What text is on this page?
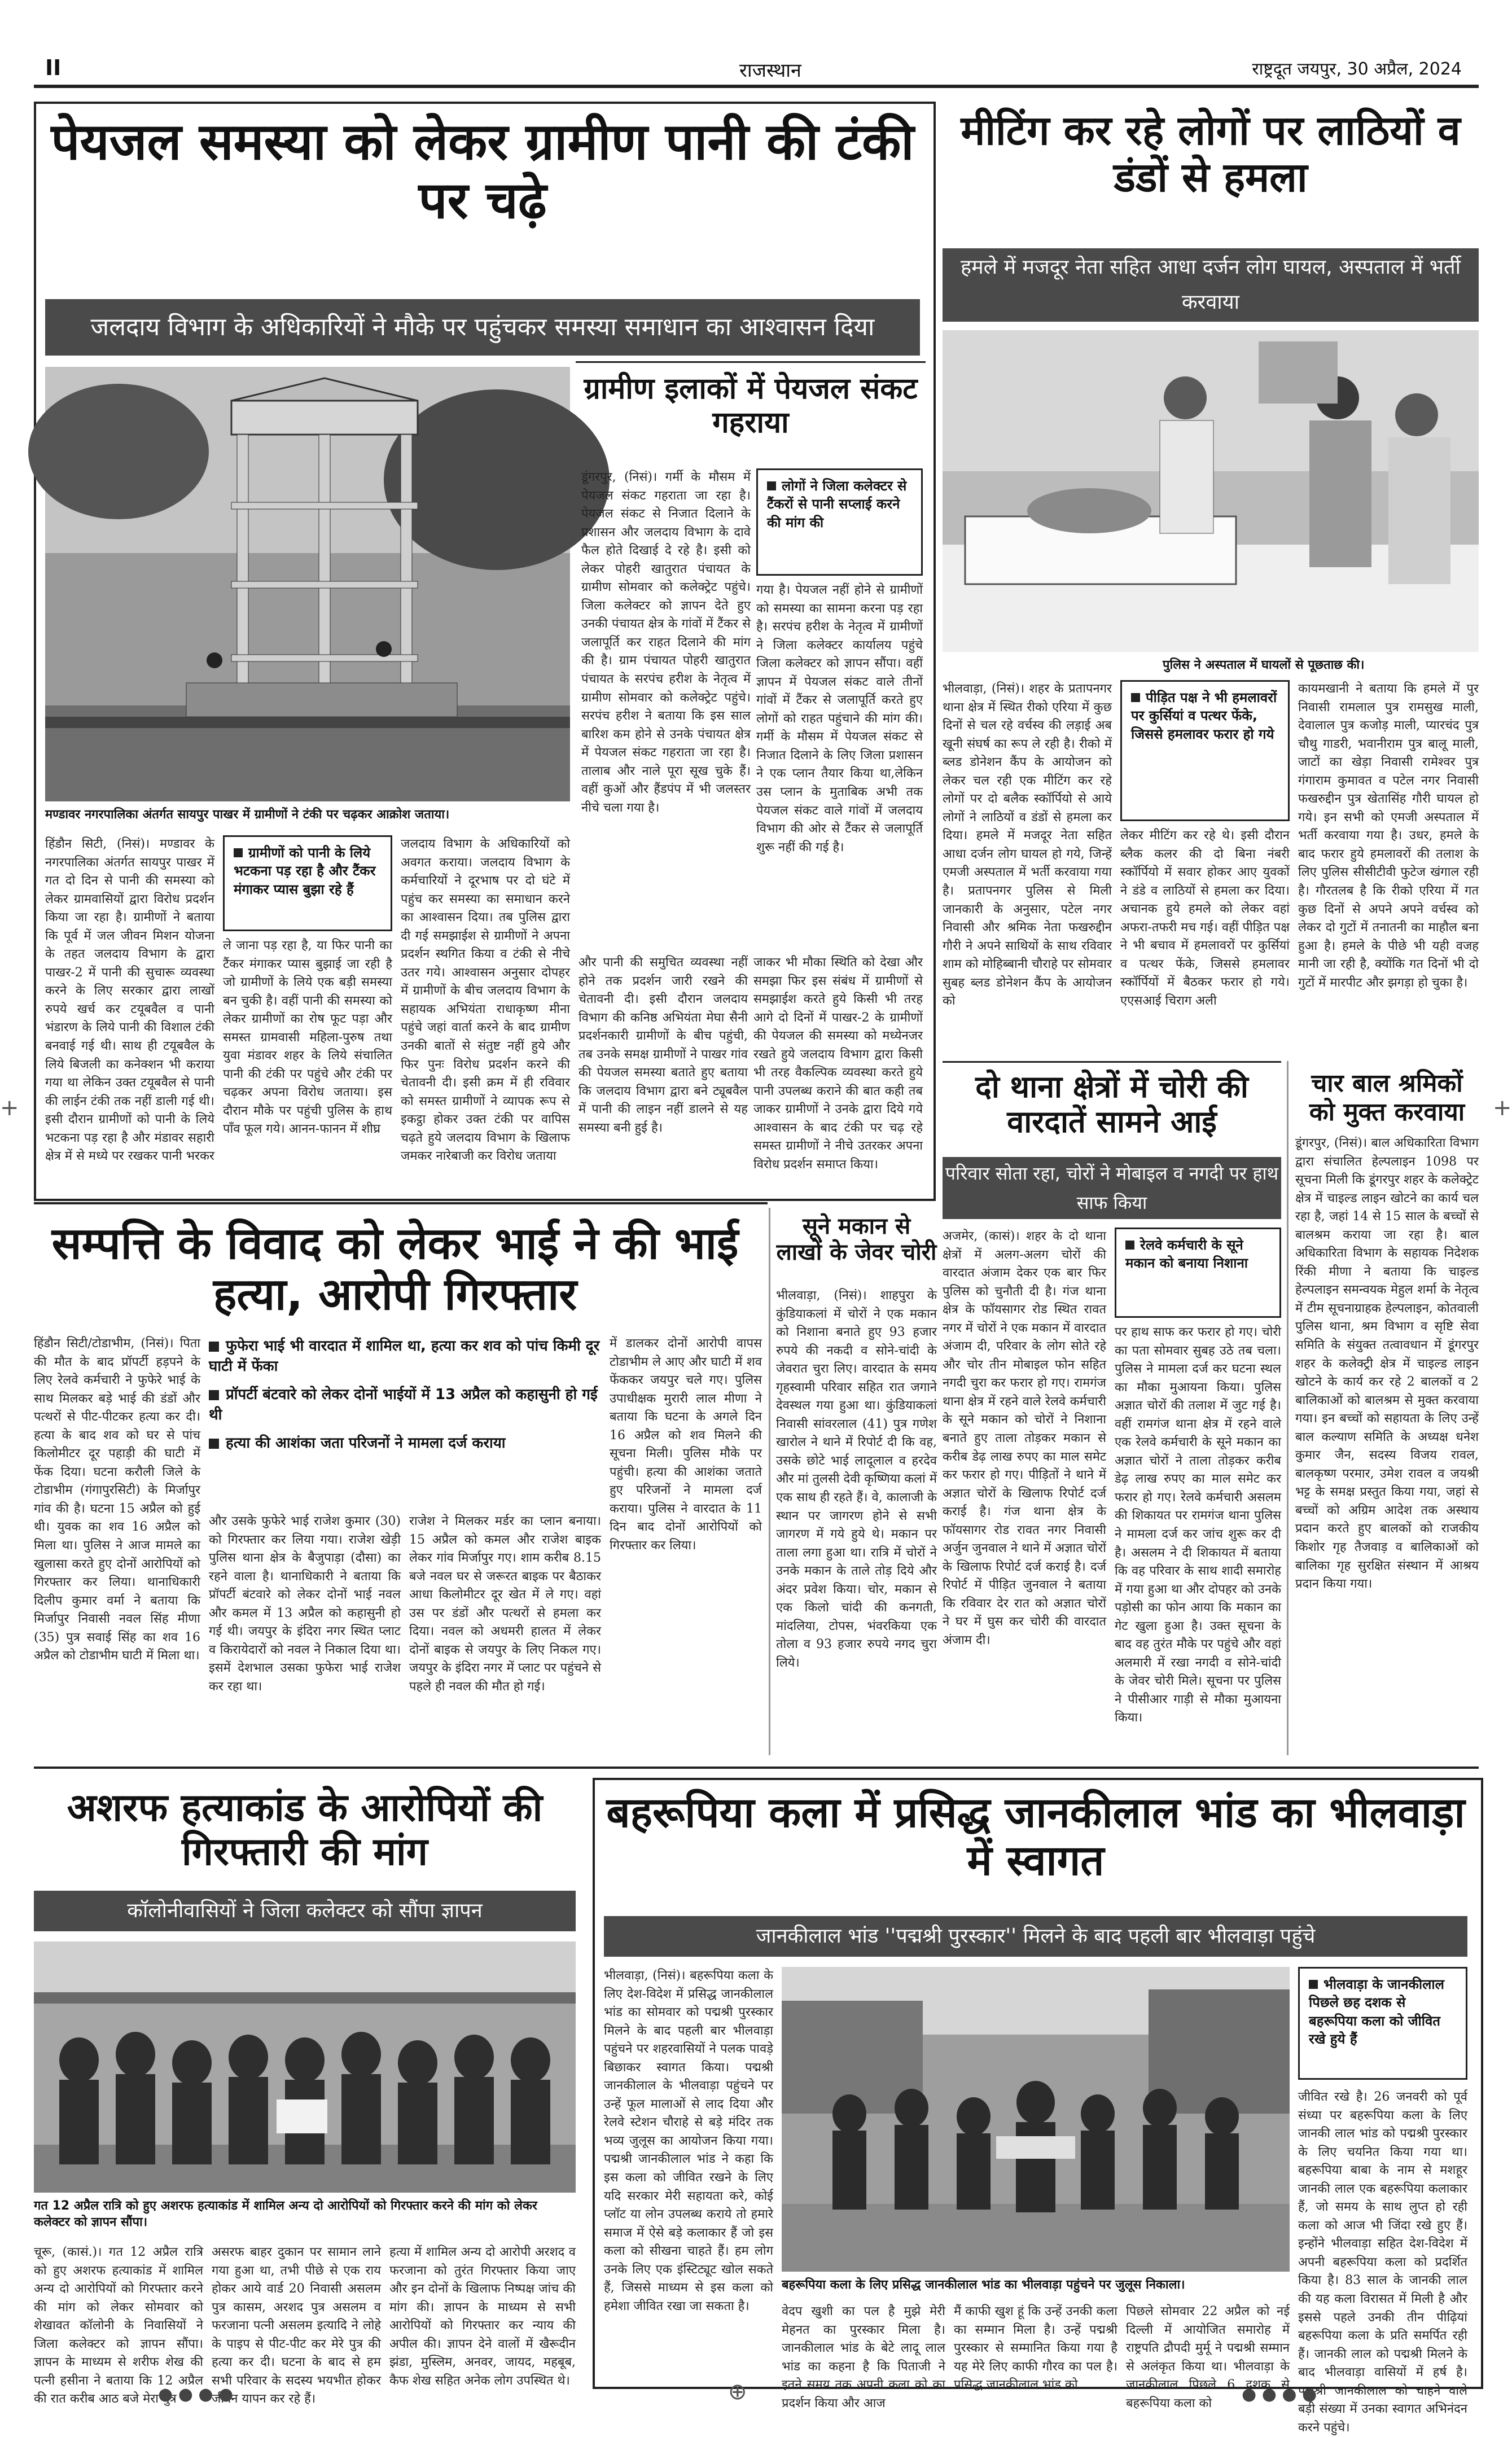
II	राजस्थान	राष्ट्रदूत जयपुर, 30 अप्रैल, 2024
पेयजल समस्या को लेकर ग्रामीण पानी की टंकी पर चढ़े
जलदाय विभाग के अधिकारियों ने मौके पर पहुंचकर समस्या समाधान का आश्वासन दिया
मण्डावर नगरपालिका अंतर्गत सायपुर पाखर में ग्रामीणों ने टंकी पर चढ़कर आक्रोश जताया।
हिंडौन सिटी, (निसं)। मण्डावर के नगरपालिका अंतर्गत सायपुर पाखर में गत दो दिन से पानी की समस्या को लेकर ग्रामवासियों द्वारा विरोध प्रदर्शन किया जा रहा है। ग्रामीणों ने बताया कि पूर्व में जल जीवन मिशन योजना के तहत जलदाय विभाग के द्वारा पाखर-2 में पानी की सुचारू व्यवस्था करने के लिए सरकार द्वारा लाखों रुपये खर्च कर टयूबवैल व पानी भंडारण के लिये पानी की विशाल टंकी बनवाई गई थी। साथ ही टयूबवैल के लिये बिजली का कनेक्शन भी कराया गया था लेकिन उक्त टयूबवैल से पानी की लाईन टंकी तक नहीं डाली गई थी। इसी दौरान ग्रामीणों को पानी के लिये भटकना पड़ रहा है और मंडावर सहारी क्षेत्र में से मध्ये पर रखकर पानी भरकर
ग्रामीणों को पानी के लिये भटकना पड़ रहा है और टैंकर मंगाकर प्यास बुझा रहे हैं
ले जाना पड़ रहा है, या फिर पानी का टैंकर मंगाकर प्यास बुझाई जा रही है जो ग्रामीणों के लिये एक बड़ी समस्या बन चुकी है। वहीं पानी की समस्या को लेकर ग्रामीणों का रोष फूट पड़ा और समस्त ग्रामवासी महिला-पुरुष तथा युवा मंडावर शहर के लिये संचालित पानी की टंकी पर पहुंचे और टंकी पर चढ़कर अपना विरोध जताया। इस दौरान मौके पर पहुंची पुलिस के हाथ पाँव फूल गये। आनन-फानन में शीघ्र
जलदाय विभाग के अधिकारियों को अवगत कराया। जलदाय विभाग के कर्मचारियों ने दूरभाष पर दो घंटे में पहुंच कर समस्या का समाधान करने का आश्वासन दिया। तब पुलिस द्वारा दी गई समझाईश से ग्रामीणों ने अपना प्रदर्शन स्थगित किया व टंकी से नीचे उतर गये। आश्वासन अनुसार दोपहर में ग्रामीणों के बीच जलदाय विभाग के सहायक अभियंता राधाकृष्ण मीना पहुंचे जहां वार्ता करने के बाद ग्रामीण उनकी बातों से संतुष्ट नहीं हुये और फिर पुनः विरोध प्रदर्शन करने की चेतावनी दी। इसी क्रम में ही रविवार को समस्त ग्रामीणों ने व्यापक रूप से इकट्ठा होकर उक्त टंकी पर वापिस चढ़ते हुये जलदाय विभाग के खिलाफ जमकर नारेबाजी कर विरोध जताया
और पानी की समुचित व्यवस्था नहीं होने तक प्रदर्शन जारी रखने की चेतावनी दी। इसी दौरान जलदाय विभाग की कनिष्ठ अभियंता मेघा सैनी प्रदर्शनकारी ग्रामीणों के बीच पहुंची, तब उनके समक्ष ग्रामीणों ने पाखर गांव की पेयजल समस्या बताते हुए बताया कि जलदाय विभाग द्वारा बने ट्यूबवैल में पानी की लाइन नहीं डालने से यह समस्या बनी हुई है।
जाकर भी मौका स्थिति को देखा और समझा फिर इस संबंध में ग्रामीणों से समझाईश करते हुये किसी भी तरह आगे दो दिनों में पाखर-2 के ग्रामीणों की पेयजल की समस्या को मध्येनजर रखते हुये जलदाय विभाग द्वारा किसी भी तरह वैकल्पिक व्यवस्था करते हुये पानी उपलब्ध कराने की बात कही तब जाकर ग्रामीणों ने उनके द्वारा दिये गये आश्वासन के बाद टंकी पर चढ़ रहे समस्त ग्रामीणों ने नीचे उतरकर अपना विरोध प्रदर्शन समाप्त किया।
ग्रामीण इलाकों में पेयजल संकट गहराया
डूंगरपुर, (निसं)। गर्मी के मौसम में पेयजल संकट गहराता जा रहा है। पेयजल संकट से निजात दिलाने के प्रशासन और जलदाय विभाग के दावे फैल होते दिखाई दे रहे है। इसी को लेकर पोहरी खातुरात पंचायत के ग्रामीण सोमवार को कलेक्ट्रेट पहुंचे। जिला कलेक्टर को ज्ञापन देते हुए उनकी पंचायत क्षेत्र के गांवों में टैंकर से जलापूर्ति कर राहत दिलाने की मांग की है। ग्राम पंचायत पोहरी खातुरात पंचायत के सरपंच हरीश के नेतृत्व में ग्रामीण सोमवार को कलेक्ट्रेट पहुंचे। सरपंच हरीश ने बताया कि इस साल बारिश कम होने से उनके पंचायत क्षेत्र में पेयजल संकट गहराता जा रहा है। तालाब और नाले पूरा सूख चुके हैं। वहीं कुओं और हैंडपंप में भी जलस्तर नीचे चला गया है।
लोगों ने जिला कलेक्टर से टैंकरों से पानी सप्लाई करने की मांग की
गया है। पेयजल नहीं होने से ग्रामीणों को समस्या का सामना करना पड़ रहा है। सरपंच हरीश के नेतृत्व में ग्रामीणों ने जिला कलेक्टर कार्यालय पहुंचे जिला कलेक्टर को ज्ञापन सौंपा। वहीं ज्ञापन में पेयजल संकट वाले तीनों गांवों में टैंकर से जलापूर्ति करते हुए लोगों को राहत पहुंचाने की मांग की। गर्मी के मौसम में पेयजल संकट से निजात दिलाने के लिए जिला प्रशासन ने एक प्लान तैयार किया था,लेकिन उस प्लान के मुताबिक अभी तक पेयजल संकट वाले गांवों में जलदाय विभाग की ओर से टैंकर से जलापूर्ति शुरू नहीं की गई है।
मीटिंग कर रहे लोगों पर लाठियों व डंडों से हमला
हमले में मजदूर नेता सहित आधा दर्जन लोग घायल, अस्पताल में भर्ती करवाया
पुलिस ने अस्पताल में घायलों से पूछताछ की।
भीलवाड़ा, (निसं)। शहर के प्रतापनगर थाना क्षेत्र में स्थित रीको एरिया में कुछ दिनों से चल रहे वर्चस्व की लड़ाई अब खूनी संघर्ष का रूप ले रही है। रीको में ब्लड डोनेशन कैंप के आयोजन को लेकर चल रही एक मीटिंग कर रहे लोगों पर दो बलैक स्कॉर्पियो से आये लोगों ने लाठियों व डंडों से हमला कर दिया। हमले में मजदूर नेता सहित आधा दर्जन लोग घायल हो गये, जिन्हें एमजी अस्पताल में भर्ती करवाया गया है। प्रतापनगर पुलिस से मिली जानकारी के अनुसार, पटेल नगर निवासी और श्रमिक नेता फखरुद्दीन गौरी ने अपने साथियों के साथ रविवार शाम को मोहिब्बानी चौराहे पर सोमवार सुबह ब्लड डोनेशन कैंप के आयोजन को
पीड़ित पक्ष ने भी हमलावरों पर कुर्सियां व पत्थर फेंके, जिससे हमलावर फरार हो गये
लेकर मीटिंग कर रहे थे। इसी दौरान ब्लैक कलर की दो बिना नंबरी स्कॉर्पियो में सवार होकर आए युवकों ने डंडे व लाठियों से हमला कर दिया। अचानक हुये हमले को लेकर वहां अफरा-तफरी मच गई। वहीं पीड़ित पक्ष ने भी बचाव में हमलावरों पर कुर्सियां व पत्थर फेंके, जिससे हमलावर स्कॉर्पियों में बैठकर फरार हो गये। एएसआई चिराग अली
कायमखानी ने बताया कि हमले में पुर निवासी रामलाल पुत्र रामसुख माली, देवालाल पुत्र कजोड़ माली, प्यारचंद पुत्र चौथु गाडरी, भवानीराम पुत्र बालू माली, जाटों का खेड़ा निवासी रामेश्वर पुत्र गंगाराम कुमावत व पटेल नगर निवासी फखरुद्दीन पुत्र खेतासिंह गौरी घायल हो गये। इन सभी को एमजी अस्पताल में भर्ती करवाया गया है। उधर, हमले के बाद फरार हुये हमलावरों की तलाश के लिए पुलिस सीसीटीवी फुटेज खंगाल रही है। गौरतलब है कि रीको एरिया में गत कुछ दिनों से अपने अपने वर्चस्व को लेकर दो गुटों में तनातनी का माहौल बना हुआ है। हमले के पीछे भी यही वजह मानी जा रही है, क्योंकि गत दिनों भी दो गुटों में मारपीट और झगड़ा हो चुका है।
दो थाना क्षेत्रों में चोरी की वारदातें सामने आई
परिवार सोता रहा, चोरों ने मोबाइल व नगदी पर हाथ साफ किया
अजमेर, (कासं)। शहर के दो थाना क्षेत्रों में अलग-अलग चोरों की वारदात अंजाम देकर एक बार फिर पुलिस को चुनौती दी है। गंज थाना क्षेत्र के फॉयसागर रोड स्थित रावत नगर में चोरों ने एक मकान में वारदात अंजाम दी, परिवार के लोग सोते रहे और चोर तीन मोबाइल फोन सहित नगदी चुरा कर फरार हो गए। रामगंज थाना क्षेत्र में रहने वाले रेलवे कर्मचारी के सूने मकान को चोरों ने निशाना बनाते हुए ताला तोड़कर मकान से करीब डेढ़ लाख रुपए का माल समेट कर फरार हो गए। पीड़ितों ने थाने में अज्ञात चोरों के खिलाफ रिपोर्ट दर्ज कराई है। गंज थाना क्षेत्र के फॉयसागर रोड रावत नगर निवासी अर्जुन जुनवाल ने थाने में अज्ञात चोरों के खिलाफ रिपोर्ट दर्ज कराई है। दर्ज रिपोर्ट में पीड़ित जुनवाल ने बताया कि रविवार देर रात को अज्ञात चोरों ने घर में घुस कर चोरी की वारदात अंजाम दी।
रेलवे कर्मचारी के सूने मकान को बनाया निशाना
पर हाथ साफ कर फरार हो गए। चोरी का पता सोमवार सुबह उठे तब चला। पुलिस ने मामला दर्ज कर घटना स्थल का मौका मुआयना किया। पुलिस अज्ञात चोरों की तलाश में जुट गई है। वहीं रामगंज थाना क्षेत्र में रहने वाले एक रेलवे कर्मचारी के सूने मकान का अज्ञात चोरों ने ताला तोड़कर करीब डेढ़ लाख रुपए का माल समेट कर फरार हो गए। रेलवे कर्मचारी असलम की शिकायत पर रामगंज थाना पुलिस ने मामला दर्ज कर जांच शुरू कर दी है। असलम ने दी शिकायत में बताया कि वह परिवार के साथ शादी समारोह में गया हुआ था और दोपहर को उनके पड़ोसी का फोन आया कि मकान का गेट खुला हुआ है। उक्त सूचना के बाद वह तुरंत मौके पर पहुंचे और वहां अलमारी में रखा नगदी व सोने-चांदी के जेवर चोरी मिले। सूचना पर पुलिस ने पीसीआर गाड़ी से मौका मुआयना किया।
चार बाल श्रमिकों को मुक्त करवाया
डूंगरपुर, (निसं)। बाल अधिकारिता विभाग द्वारा संचालित हेल्पलाइन 1098 पर सूचना मिली कि डूंगरपुर शहर के कलेक्ट्रेट क्षेत्र में चाइल्ड लाइन खोटने का कार्य चल रहा है, जहां 14 से 15 साल के बच्चों से बालश्रम कराया जा रहा है। बाल अधिकारिता विभाग के सहायक निदेशक रिंकी मीणा ने बताया कि चाइल्ड हेल्पलाइन समन्वयक मेहुल शर्मा के नेतृत्व में टीम सूचनाग्राहक हेल्पलाइन, कोतवाली पुलिस थाना, श्रम विभाग व सृष्टि सेवा समिति के संयुक्त तत्वावधान में डूंगरपुर शहर के कलेक्ट्री क्षेत्र में चाइल्ड लाइन खोटने के कार्य कर रहे 2 बालकों व 2 बालिकाओं को बालश्रम से मुक्त करवाया गया। इन बच्चों को सहायता के लिए उन्हें बाल कल्याण समिति के अध्यक्ष धनेश कुमार जैन, सदस्य विजय रावल, बालकृष्ण परमार, उमेश रावल व जयश्री भट्ट के समक्ष प्रस्तुत किया गया, जहां से बच्चों को अग्रिम आदेश तक अस्थाय प्रदान करते हुए बालकों को राजकीय किशोर गृह तैजवाड़ व बालिकाओं को बालिका गृह सुरक्षित संस्थान में आश्रय प्रदान किया गया।
सम्पत्ति के विवाद को लेकर भाई ने की भाई हत्या, आरोपी गिरफ्तार
फुफेरा भाई भी वारदात में शामिल था, हत्या कर शव को पांच किमी दूर घाटी में फेंका
प्रॉपर्टी बंटवारे को लेकर दोनों भाईयों में 13 अप्रैल को कहासुनी हो गई थी
हत्या की आशंका जता परिजनों ने मामला दर्ज कराया
हिंडौन सिटी/टोडाभीम, (निसं)। पिता की मौत के बाद प्रॉपर्टी हड़पने के लिए रेलवे कर्मचारी ने फुफेरे भाई के साथ मिलकर बड़े भाई की डंडों और पत्थरों से पीट-पीटकर हत्या कर दी। हत्या के बाद शव को घर से पांच किलोमीटर दूर पहाड़ी की घाटी में फेंक दिया। घटना करौली जिले के टोडाभीम (गंगापुरसिटी) के मिर्जापुर गांव की है। घटना 15 अप्रैल को हुई थी। युवक का शव 16 अप्रैल को मिला था। पुलिस ने आज मामले का खुलासा करते हुए दोनों आरोपियों को गिरफ्तार कर लिया। थानाधिकारी दिलीप कुमार वर्मा ने बताया कि मिर्जापुर निवासी नवल सिंह मीणा (35) पुत्र सवाई सिंह का शव 16 अप्रैल को टोडाभीम घाटी में मिला था।
और उसके फुफेरे भाई राजेश कुमार (30) को गिरफ्तार कर लिया गया। राजेश खेड़ी पुलिस थाना क्षेत्र के बैजुपाड़ा (दौसा) का रहने वाला है। थानाधिकारी ने बताया कि प्रॉपर्टी बंटवारे को लेकर दोनों भाई नवल और कमल में 13 अप्रैल को कहासुनी हो गई थी। जयपुर के इंदिरा नगर स्थित प्लाट व किरायेदारों को नवल ने निकाल दिया था। इसमें देशभाल उसका फुफेरा भाई राजेश कर रहा था।
राजेश ने मिलकर मर्डर का प्लान बनाया। 15 अप्रैल को कमल और राजेश बाइक लेकर गांव मिर्जापुर गए। शाम करीब 8.15 बजे नवल घर से जरूरत बाइक पर बैठाकर आधा किलोमीटर दूर खेत में ले गए। वहां उस पर डंडों और पत्थरों से हमला कर दिया। नवल को अधमरी हालत में लेकर दोनों बाइक से जयपुर के लिए निकल गए। जयपुर के इंदिरा नगर में प्लाट पर पहुंचने से पहले ही नवल की मौत हो गई।
में डालकर दोनों आरोपी वापस टोडाभीम ले आए और घाटी में शव फेंककर जयपुर चले गए। पुलिस उपाधीक्षक मुरारी लाल मीणा ने बताया कि घटना के अगले दिन 16 अप्रैल को शव मिलने की सूचना मिली। पुलिस मौके पर पहुंची। हत्या की आशंका जताते हुए परिजनों ने मामला दर्ज कराया। पुलिस ने वारदात के 11 दिन बाद दोनों आरोपियों को गिरफ्तार कर लिया।
सूने मकान से लाखों के जेवर चोरी
भीलवाड़ा, (निसं)। शाहपुरा के कुंडियाकलां में चोरों ने एक मकान को निशाना बनाते हुए 93 हजार रुपये की नकदी व सोने-चांदी के जेवरात चुरा लिए। वारदात के समय गृहस्वामी परिवार सहित रात जगाने देवस्थल गया हुआ था। कुंडियाकलां निवासी सांवरलाल (41) पुत्र गणेश खारोल ने थाने में रिपोर्ट दी कि वह, उसके छोटे भाई लादूलाल व हरदेव और मां तुलसी देवी कृष्णिया कलां में एक साथ ही रहते हैं। वे, कालाजी के स्थान पर जागरण होने से सभी जागरण में गये हुये थे। मकान पर ताला लगा हुआ था। रात्रि में चोरों ने उनके मकान के ताले तोड़ दिये और अंदर प्रवेश किया। चोर, मकान से एक किलो चांदी की कनगती, मांदलिया, टोपस, भंवरकिया एक तोला व 93 हजार रुपये नगद चुरा लिये।
अशरफ हत्याकांड के आरोपियों की गिरफ्तारी की मांग
कॉलोनीवासियों ने जिला कलेक्टर को सौंपा ज्ञापन
गत 12 अप्रैल रात्रि को हुए अशरफ हत्याकांड में शामिल अन्य दो आरोपियों को गिरफ्तार करने की मांग को लेकर कलेक्टर को ज्ञापन सौंपा।
चूरू, (कासं.)। गत 12 अप्रैल रात्रि को हुए अशरफ हत्याकांड में शामिल अन्य दो आरोपियों को गिरफ्तार करने की मांग को लेकर सोमवार को शेखावत कॉलोनी के निवासियों ने जिला कलेक्टर को ज्ञापन सौंपा। ज्ञापन के माध्यम से शरीफ शेख की पत्नी हसीना ने बताया कि 12 अप्रैल की रात करीब आठ बजे मेरा पुत्र
असरफ बाहर दुकान पर सामान लाने गया हुआ था, तभी पीछे से एक राय होकर आये वार्ड 20 निवासी असलम पुत्र कासम, अरशद पुत्र असलम व फरजाना पत्नी असलम इत्यादि ने लोहे के पाइप से पीट-पीट कर मेरे पुत्र की हत्या कर दी। घटना के बाद से हम सभी परिवार के सदस्य भयभीत होकर जीवन यापन कर रहे हैं।
हत्या में शामिल अन्य दो आरोपी अरशद व फरजाना को तुरंत गिरफ्तार किया जाए और इन दोनों के खिलाफ निष्पक्ष जांच की मांग की। ज्ञापन के माध्यम से सभी आरोपियों को गिरफ्तार कर न्याय की अपील की। ज्ञापन देने वालों में खैरूदीन झंडा, मुस्लिम, अनवर, जायद, महबूब, कैफ शेख सहित अनेक लोग उपस्थित थे।
बहरूपिया कला में प्रसिद्ध जानकीलाल भांड का भीलवाड़ा में स्वागत
जानकीलाल भांड ''पद्मश्री पुरस्कार'' मिलने के बाद पहली बार भीलवाड़ा पहुंचे
भीलवाड़ा, (निसं)। बहरूपिया कला के लिए देश-विदेश में प्रसिद्ध जानकीलाल भांड का सोमवार को पद्मश्री पुरस्कार मिलने के बाद पहली बार भीलवाड़ा पहुंचने पर शहरवासियों ने पलक पावड़े बिछाकर स्वागत किया। पद्मश्री जानकीलाल के भीलवाड़ा पहुंचने पर उन्हें फूल मालाओं से लाद दिया और रेलवे स्टेशन चौराहे से बड़े मंदिर तक भव्य जुलूस का आयोजन किया गया। पद्मश्री जानकीलाल भांड ने कहा कि इस कला को जीवित रखने के लिए यदि सरकार मेरी सहायता करे, कोई प्लॉट या लोन उपलब्ध कराये तो हमारे समाज में ऐसे बड़े कलाकार हैं जो इस कला को सीखना चाहते हैं। हम लोग उनके लिए एक इंस्टिट्यूट खोल सकते हैं, जिससे माध्यम से इस कला को हमेशा जीवित रखा जा सकता है।
बहरूपिया कला के लिए प्रसिद्ध जानकीलाल भांड का भीलवाड़ा पहुंचने पर जुलूस निकाला।
वेदप खुशी का पल है मुझे मेरी मेहनत का पुरस्कार मिला है। जानकीलाल भांड के बेटे लादू लाल भांड का कहना है कि पिताजी ने इतने समय तक अपनी कला को का प्रदर्शन किया और आज
मैं काफी खुश हूं कि उन्हें उनकी कला का सम्मान मिला है। उन्हें पद्मश्री पुरस्कार से सम्मानित किया गया है यह मेरे लिए काफी गौरव का पल है। प्रसिद्ध जानकीलाल भांड को
पिछले सोमवार 22 अप्रैल को नई दिल्ली में आयोजित समारोह में राष्ट्रपति द्रौपदी मुर्मू ने पद्मश्री सम्मान से अलंकृत किया था। भीलवाड़ा के जानकीलाल पिछले 6 दशक से बहरूपिया कला को
भीलवाड़ा के जानकीलाल पिछले छह दशक से बहरूपिया कला को जीवित रखे हुये हैं
जीवित रखे है। 26 जनवरी को पूर्व संध्या पर बहरूपिया कला के लिए जानकी लाल भांड को पद्मश्री पुरस्कार के लिए चयनित किया गया था। बहरूपिया बाबा के नाम से मशहूर जानकी लाल एक बहरूपिया कलाकार हैं, जो समय के साथ लुप्त हो रही कला को आज भी जिंदा रखे हुए हैं। इन्होंने भीलवाड़ा सहित देश-विदेश में अपनी बहरूपिया कला को प्रदर्शित किया है। 83 साल के जानकी लाल की यह कला विरासत में मिली है और इससे पहले उनकी तीन पीढ़ियां बहरूपिया कला के प्रति समर्पित रही हैं। जानकी लाल को पद्मश्री मिलने के बाद भीलवाड़ा वासियों में हर्ष है। पद्मश्री जानकीलाल को चाहने वाले बड़ी संख्या में उनका स्वागत अभिनंदन करने पहुंचे।
● ● ● ●	⊕	● ● ● ●
+	+
